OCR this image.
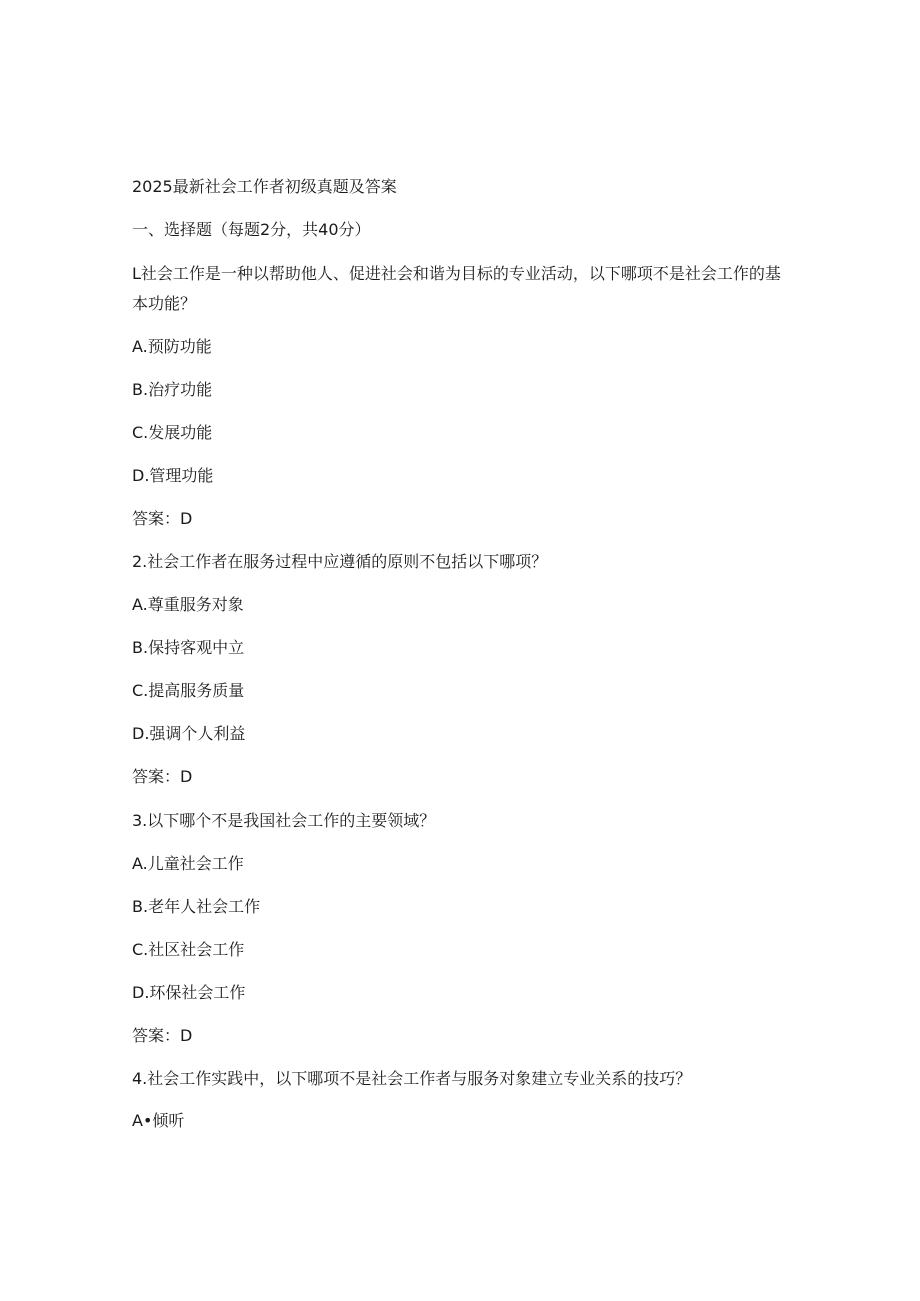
2025最新社会工作者初级真题及答案
一、选择题（每题2分，共40分）
L社会工作是一种以帮助他人、促进社会和谐为目标的专业活动，以下哪项不是社会工作的基本功能？
A.预防功能
B.治疗功能
C.发展功能
D.管理功能
答案：D
2.社会工作者在服务过程中应遵循的原则不包括以下哪项？
A.尊重服务对象
B.保持客观中立
C.提高服务质量
D.强调个人利益
答案：D
3.以下哪个不是我国社会工作的主要领域？
A.儿童社会工作
B.老年人社会工作
C.社区社会工作
D.环保社会工作
答案：D
4.社会工作实践中，以下哪项不是社会工作者与服务对象建立专业关系的技巧？
A•倾听
